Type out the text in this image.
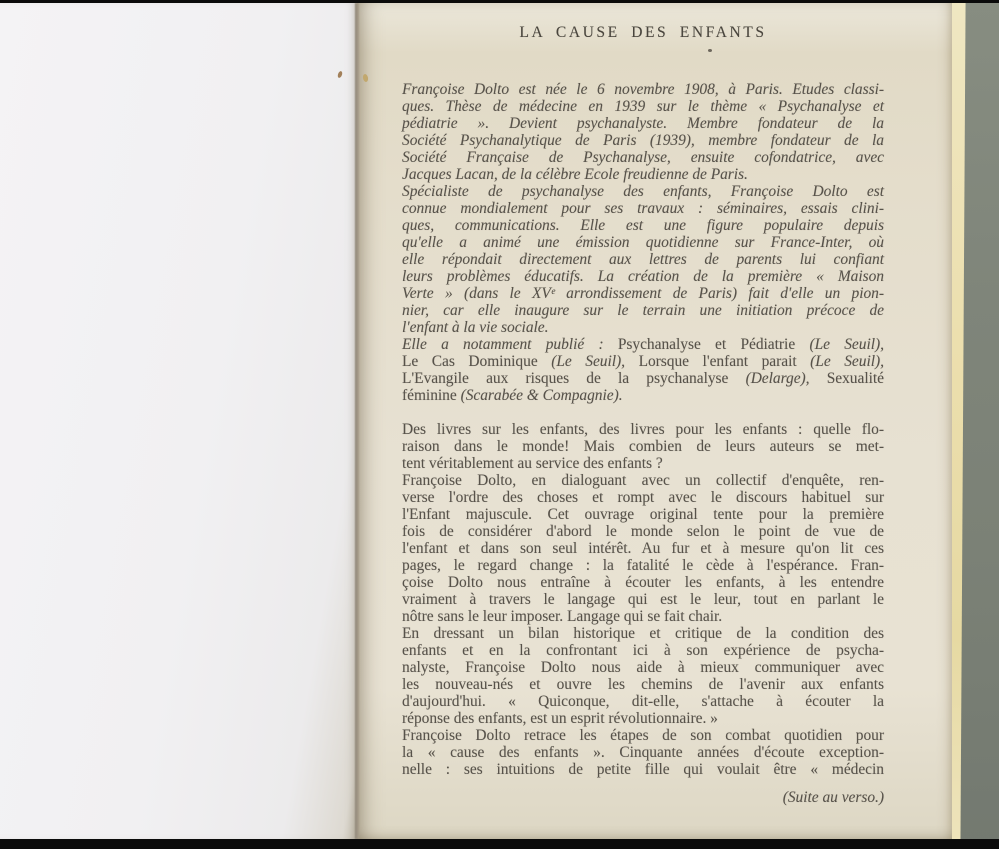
LA CAUSE DES ENFANTS
Françoise Dolto est née le 6 novembre 1908, à Paris. Etudes classi-
ques. Thèse de médecine en 1939 sur le thème « Psychanalyse et
pédiatrie ». Devient psychanalyste. Membre fondateur de la
Société Psychanalytique de Paris (1939), membre fondateur de la
Société Française de Psychanalyse, ensuite cofondatrice, avec
Jacques Lacan, de la célèbre Ecole freudienne de Paris.
Spécialiste de psychanalyse des enfants, Françoise Dolto est
connue mondialement pour ses travaux : séminaires, essais clini-
ques, communications. Elle est une figure populaire depuis
qu'elle a animé une émission quotidienne sur France-Inter, où
elle répondait directement aux lettres de parents lui confiant
leurs problèmes éducatifs. La création de la première « Maison
Verte » (dans le XVᵉ arrondissement de Paris) fait d'elle un pion-
nier, car elle inaugure sur le terrain une initiation précoce de
l'enfant à la vie sociale.
Elle a notamment publié : Psychanalyse et Pédiatrie (Le Seuil),
Le Cas Dominique (Le Seuil), Lorsque l'enfant parait (Le Seuil),
L'Evangile aux risques de la psychanalyse (Delarge), Sexualité
féminine (Scarabée & Compagnie).
Des livres sur les enfants, des livres pour les enfants : quelle flo-
raison dans le monde! Mais combien de leurs auteurs se met-
tent véritablement au service des enfants ?
Françoise Dolto, en dialoguant avec un collectif d'enquête, ren-
verse l'ordre des choses et rompt avec le discours habituel sur
l'Enfant majuscule. Cet ouvrage original tente pour la première
fois de considérer d'abord le monde selon le point de vue de
l'enfant et dans son seul intérêt. Au fur et à mesure qu'on lit ces
pages, le regard change : la fatalité le cède à l'espérance. Fran-
çoise Dolto nous entraîne à écouter les enfants, à les entendre
vraiment à travers le langage qui est le leur, tout en parlant le
nôtre sans le leur imposer. Langage qui se fait chair.
En dressant un bilan historique et critique de la condition des
enfants et en la confrontant ici à son expérience de psycha-
nalyste, Françoise Dolto nous aide à mieux communiquer avec
les nouveau-nés et ouvre les chemins de l'avenir aux enfants
d'aujourd'hui. « Quiconque, dit-elle, s'attache à écouter la
réponse des enfants, est un esprit révolutionnaire. »
Françoise Dolto retrace les étapes de son combat quotidien pour
la « cause des enfants ». Cinquante années d'écoute exception-
nelle : ses intuitions de petite fille qui voulait être « médecin
(Suite au verso.)
